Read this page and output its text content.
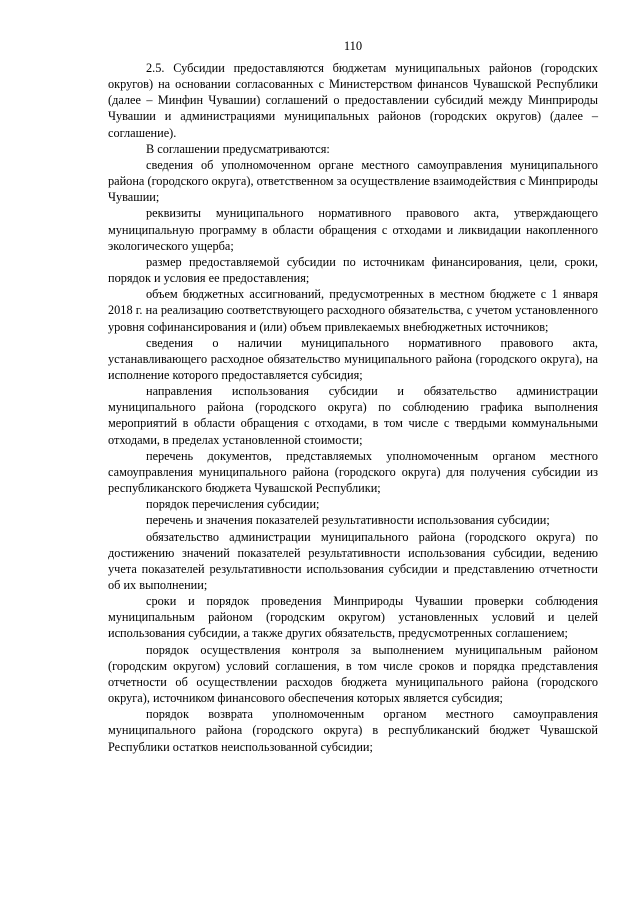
110

2.5. Субсидии предоставляются бюджетам муниципальных районов (городских округов) на основании согласованных с Министерством финансов Чувашской Республики (далее – Минфин Чувашии) соглашений о предоставлении субсидий между Минприроды Чувашии и администрациями муниципальных районов (городских округов) (далее – соглашение).

В соглашении предусматриваются:

сведения об уполномоченном органе местного самоуправления муниципального района (городского округа), ответственном за осуществление взаимодействия с Минприроды Чувашии;

реквизиты муниципального нормативного правового акта, утверждающего муниципальную программу в области обращения с отходами и ликвидации накопленного экологического ущерба;

размер предоставляемой субсидии по источникам финансирования, цели, сроки, порядок и условия ее предоставления;

объем бюджетных ассигнований, предусмотренных в местном бюджете с 1 января 2018 г. на реализацию соответствующего расходного обязательства, с учетом установленного уровня софинансирования и (или) объем привлекаемых внебюджетных источников;

сведения о наличии муниципального нормативного правового акта, устанавливающего расходное обязательство муниципального района (городского округа), на исполнение которого предоставляется субсидия;

направления использования субсидии и обязательство администрации муниципального района (городского округа) по соблюдению графика выполнения мероприятий в области обращения с отходами, в том числе с твердыми коммунальными отходами, в пределах установленной стоимости;

перечень документов, представляемых уполномоченным органом местного самоуправления муниципального района (городского округа) для получения субсидии из республиканского бюджета Чувашской Республики;

порядок перечисления субсидии;

перечень и значения показателей результативности использования субсидии;

обязательство администрации муниципального района (городского округа) по достижению значений показателей результативности использования субсидии, ведению учета показателей результативности использования субсидии и представлению отчетности об их выполнении;

сроки и порядок проведения Минприроды Чувашии проверки соблюдения муниципальным районом (городским округом) установленных условий и целей использования субсидии, а также других обязательств, предусмотренных соглашением;

порядок осуществления контроля за выполнением муниципальным районом (городским округом) условий соглашения, в том числе сроков и порядка представления отчетности об осуществлении расходов бюджета муниципального района (городского округа), источником финансового обеспечения которых является субсидия;

порядок возврата уполномоченным органом местного самоуправления муниципального района (городского округа) в республиканский бюджет Чувашской Республики остатков неиспользованной субсидии;
